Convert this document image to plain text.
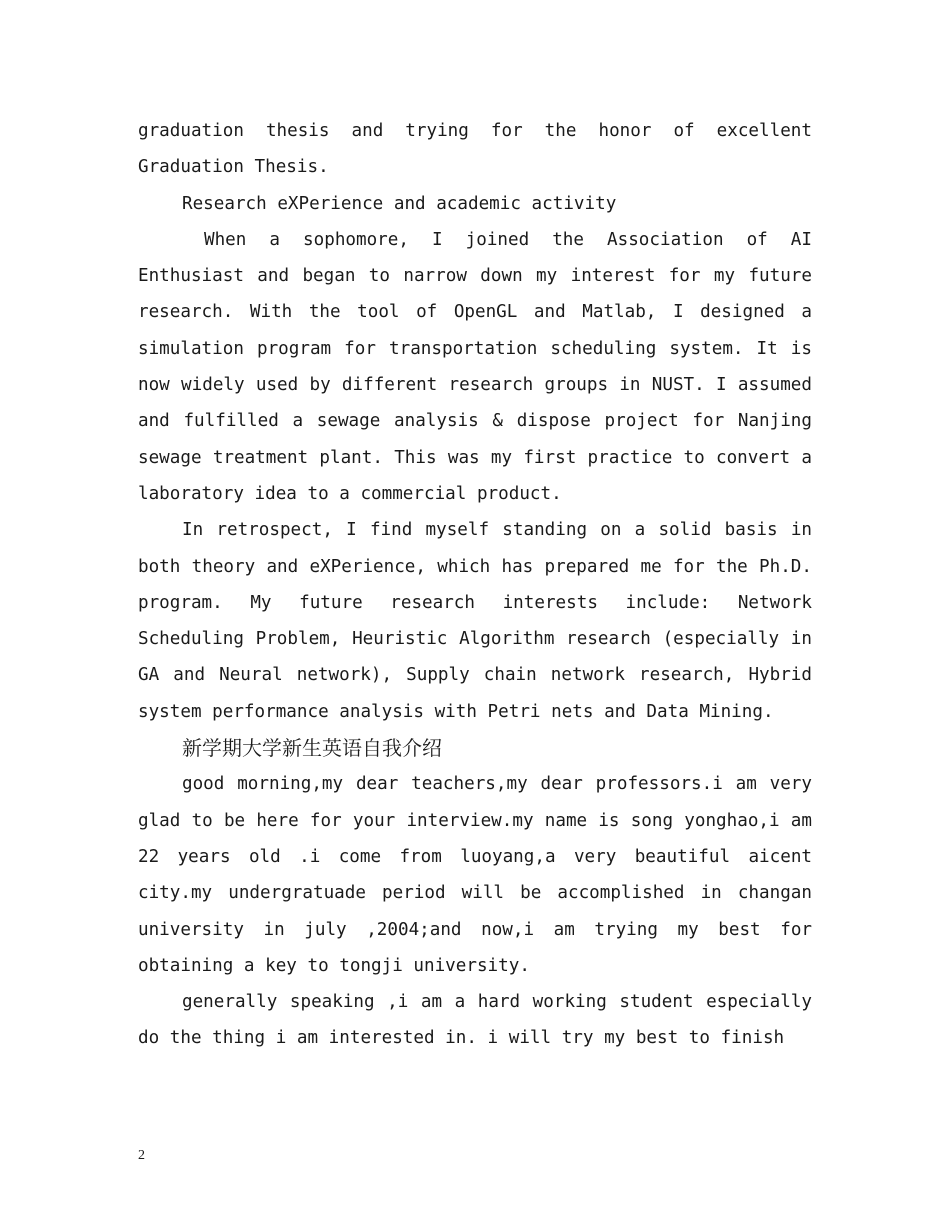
graduation thesis and trying for the honor of excellent Graduation Thesis.

Research eXPerience and academic activity

When a sophomore, I joined the Association of AI Enthusiast and began to narrow down my interest for my future research. With the tool of OpenGL and Matlab, I designed a simulation program for transportation scheduling system. It is now widely used by different research groups in NUST. I assumed and fulfilled a sewage analysis & dispose project for Nanjing sewage treatment plant. This was my first practice to convert a laboratory idea to a commercial product.

In retrospect, I find myself standing on a solid basis in both theory and eXPerience, which has prepared me for the Ph.D. program. My future research interests include: Network Scheduling Problem, Heuristic Algorithm research (especially in GA and Neural network), Supply chain network research, Hybrid system performance analysis with Petri nets and Data Mining.

新学期大学新生英语自我介绍

good morning,my dear teachers,my dear professors.i am very glad to be here for your interview.my name is song yonghao,i am 22 years old .i come from luoyang,a very beautiful aicent city.my undergratuade period will be accomplished in changan university in july ,2004;and now,i am trying my best for obtaining a key to tongji university.

generally speaking ,i am a hard working student especially do the thing i am interested in. i will try my best to finish

2
